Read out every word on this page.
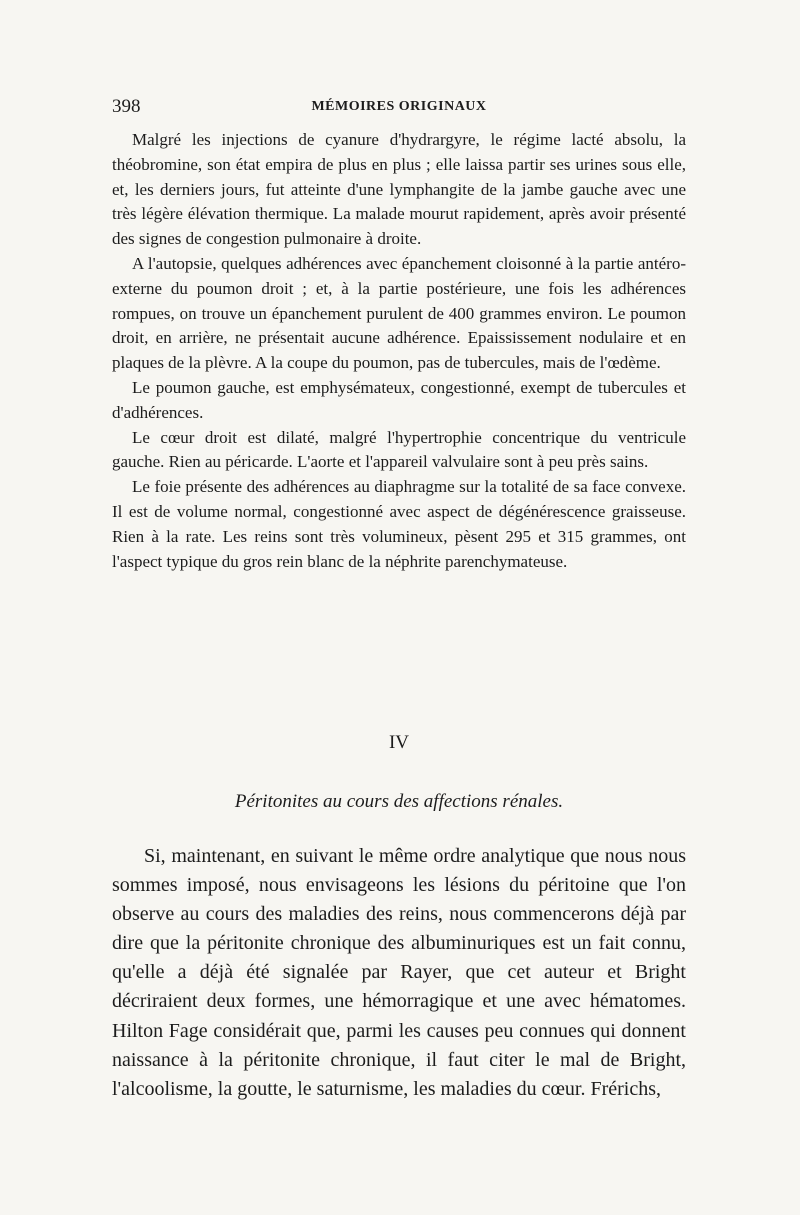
398	MÉMOIRES ORIGINAUX

Malgré les injections de cyanure d'hydrargyre, le régime lacté absolu, la théobromine, son état empira de plus en plus ; elle laissa partir ses urines sous elle, et, les derniers jours, fut atteinte d'une lymphangite de la jambe gauche avec une très légère élévation thermique. La malade mourut rapidement, après avoir présenté des signes de congestion pulmonaire à droite.

A l'autopsie, quelques adhérences avec épanchement cloisonné à la partie antéro-externe du poumon droit ; et, à la partie postérieure, une fois les adhérences rompues, on trouve un épanchement purulent de 400 grammes environ. Le poumon droit, en arrière, ne présentait aucune adhérence. Epaississement nodulaire et en plaques de la plèvre. A la coupe du poumon, pas de tubercules, mais de l'œdème.

Le poumon gauche, est emphysémateux, congestionné, exempt de tubercules et d'adhérences.

Le cœur droit est dilaté, malgré l'hypertrophie concentrique du ventricule gauche. Rien au péricarde. L'aorte et l'appareil valvulaire sont à peu près sains.

Le foie présente des adhérences au diaphragme sur la totalité de sa face convexe. Il est de volume normal, congestionné avec aspect de dégénérescence graisseuse. Rien à la rate. Les reins sont très volumineux, pèsent 295 et 315 grammes, ont l'aspect typique du gros rein blanc de la néphrite parenchymateuse.

IV
Péritonites au cours des affections rénales.

Si, maintenant, en suivant le même ordre analytique que nous nous sommes imposé, nous envisageons les lésions du péritoine que l'on observe au cours des maladies des reins, nous commencerons déjà par dire que la péritonite chronique des albuminuriques est un fait connu, qu'elle a déjà été signalée par Rayer, que cet auteur et Bright décriraient deux formes, une hémorragique et une avec hématomes. Hilton Fage considérait que, parmi les causes peu connues qui donnent naissance à la péritonite chronique, il faut citer le mal de Bright, l'alcoolisme, la goutte, le saturnisme, les maladies du cœur. Frérichs,
